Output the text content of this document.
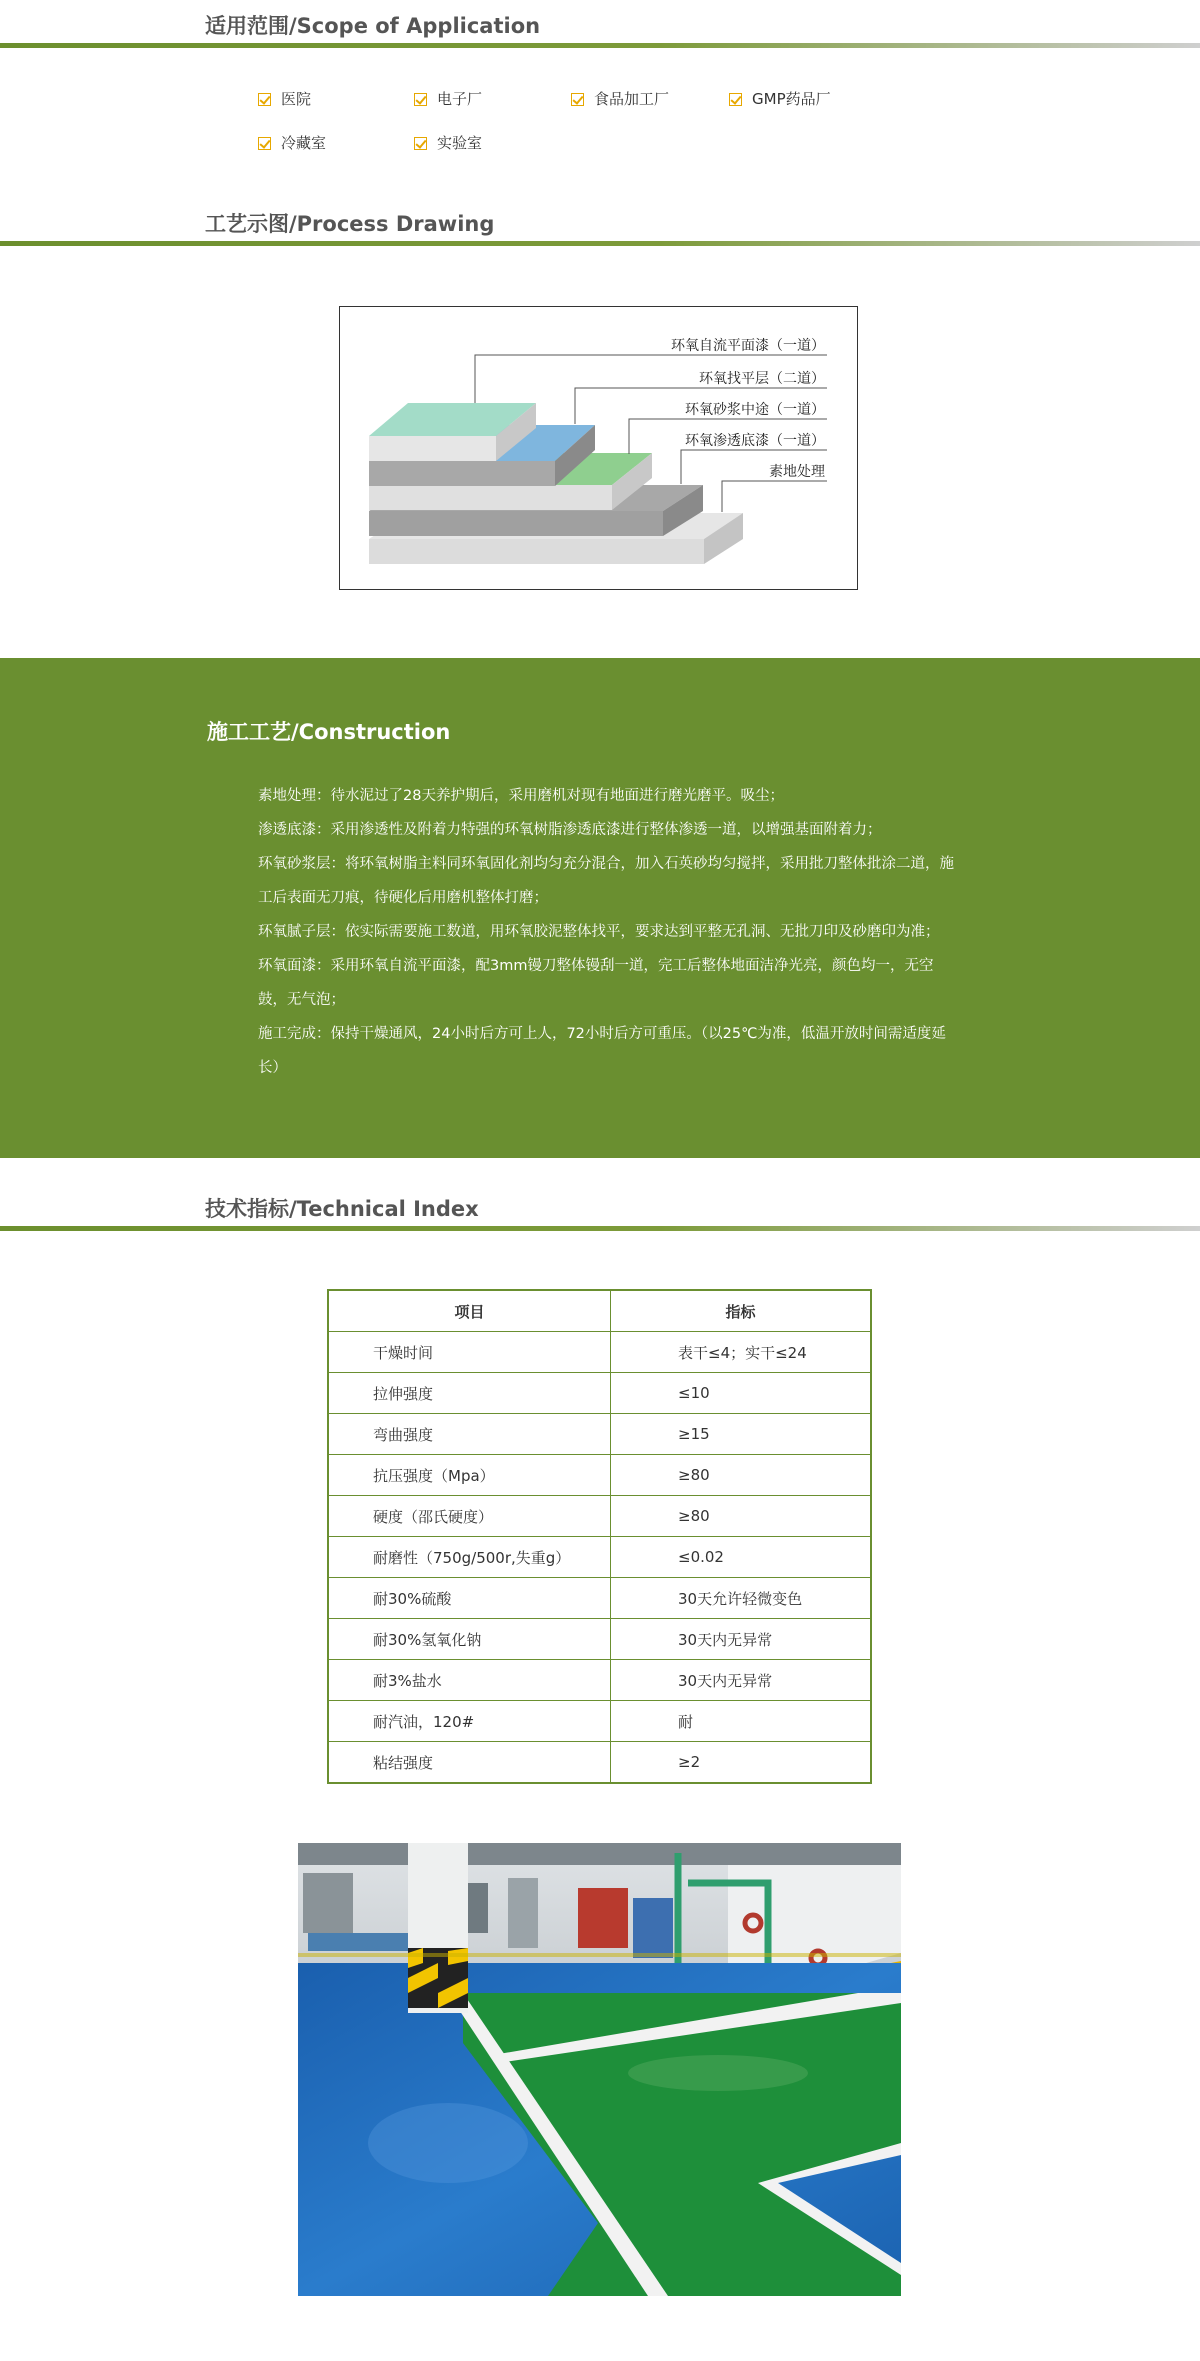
适用范围/Scope of Application
医院	电子厂	食品加工厂	GMP药品厂
冷藏室	实验室
工艺示图/Process Drawing
环氧自流平面漆（一道）
环氧找平层（二道）
环氧砂浆中途（一道）
环氧渗透底漆（一道）
素地处理
施工工艺/Construction

素地处理：待水泥过了28天养护期后，采用磨机对现有地面进行磨光磨平。吸尘；

渗透底漆：采用渗透性及附着力特强的环氧树脂渗透底漆进行整体渗透一道，以增强基面附着力；

环氧砂浆层：将环氧树脂主料同环氧固化剂均匀充分混合，加入石英砂均匀搅拌，采用批刀整体批涂二道，施工后表面无刀痕，待硬化后用磨机整体打磨；

环氧腻子层：依实际需要施工数道，用环氧胶泥整体找平，要求达到平整无孔洞、无批刀印及砂磨印为准；

环氧面漆：采用环氧自流平面漆，配3mm镘刀整体镘刮一道，完工后整体地面洁净光亮，颜色均一，无空鼓，无气泡；

施工完成：保持干燥通风，24小时后方可上人，72小时后方可重压。（以25℃为准，低温开放时间需适度延长）

技术指标/Technical Index
项目	指标
干燥时间	表干≤4；实干≤24
拉伸强度	≤10
弯曲强度	≥15
抗压强度（Mpa）	≥80
硬度（邵氏硬度）	≥80
耐磨性（750g/500r,失重g）	≤0.02
耐30%硫酸	30天允许轻微变色
耐30%氢氧化钠	30天内无异常
耐3%盐水	30天内无异常
耐汽油，120#	耐
粘结强度	≥2
